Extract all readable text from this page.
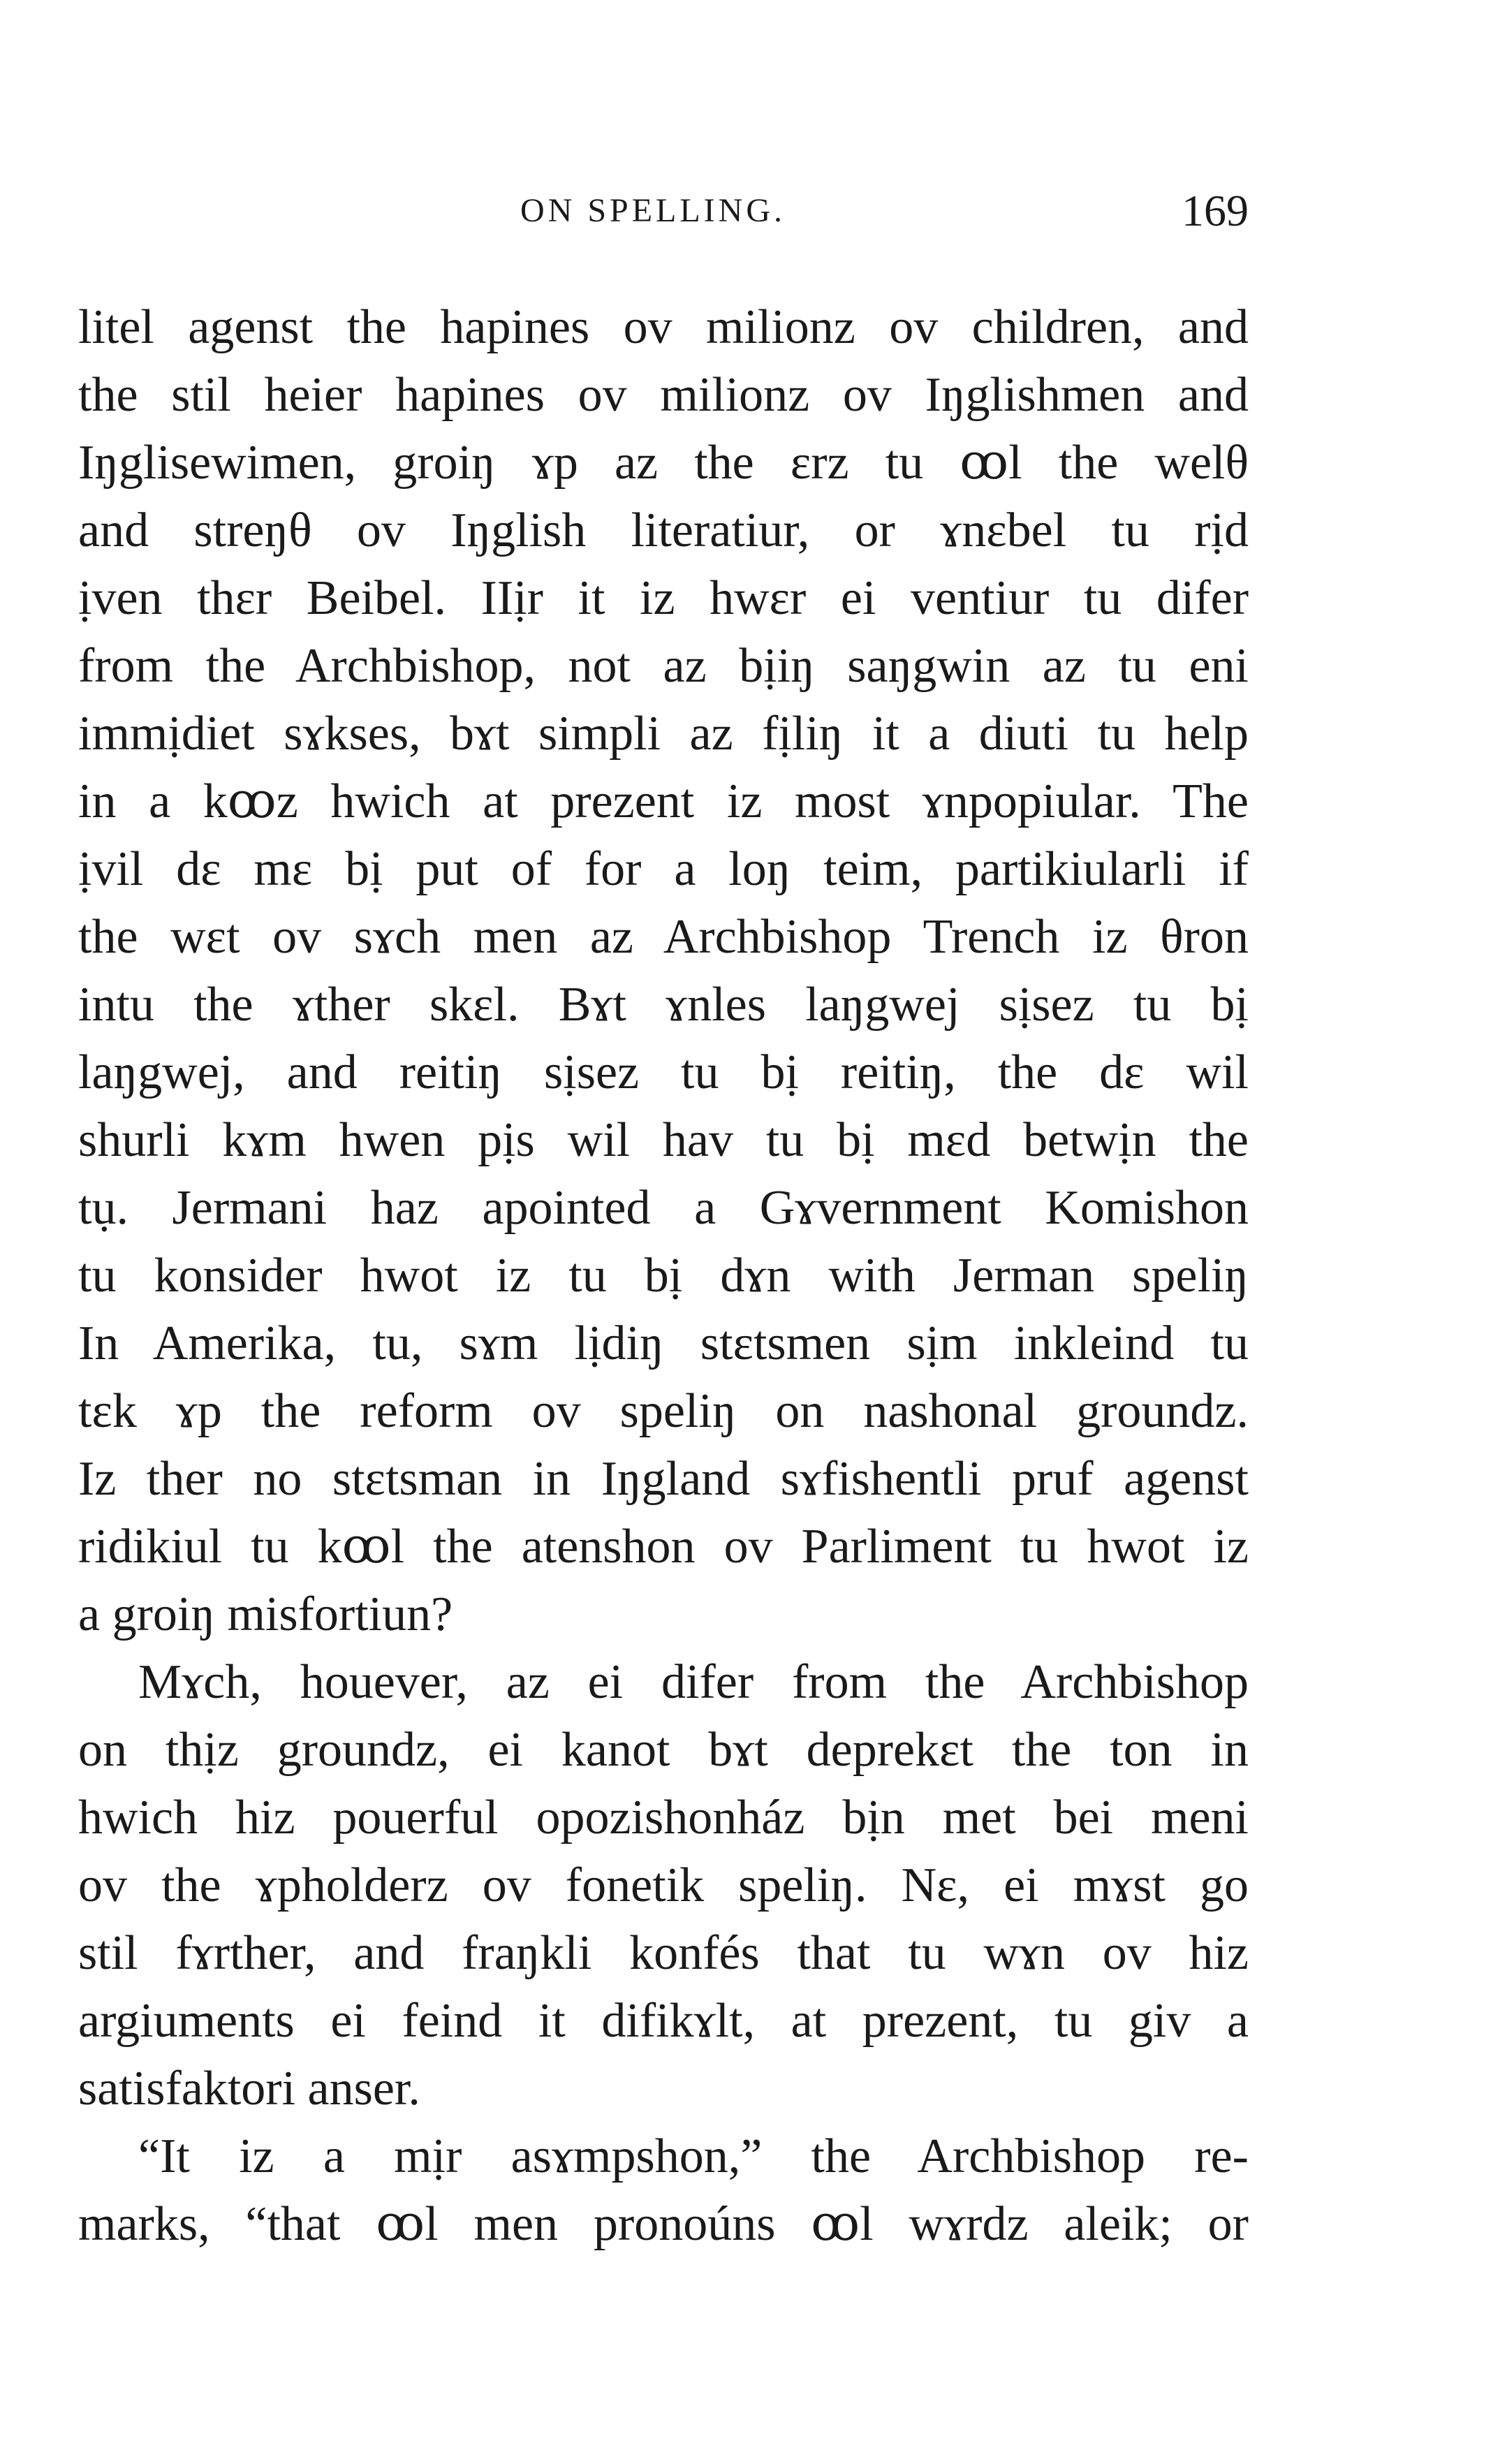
ON SPELLING.	169
litel agenst the hapines ov milionz ov children, and
the stil heier hapines ov milionz ov Iŋglishmen and
Iŋglisewimen, groiŋ ɤp az the ɛrz tu ꝏl the welθ
and streŋθ ov Iŋglish literatiur, or ɤnɛbel tu rịd
ịven thɛr Beibel. IIịr it iz hwɛr ei ventiur tu difer
from the Archbishop, not az bịiŋ saŋgwin az tu eni
immịdiet sɤkses, bɤt simpli az fịliŋ it a diuti tu help
in a kꝏz hwich at prezent iz most ɤnpopiular. The
ịvil dɛ mɛ bị put of for a loŋ teim, partikiularli if
the wɛt ov sɤch men az Archbishop Trench iz θron
intu the ɤther skɛl. Bɤt ɤnles laŋgwej sịsez tu bị
laŋgwej, and reitiŋ sịsez tu bị reitiŋ, the dɛ wil
shurli kɤm hwen pịs wil hav tu bị mɛd betwịn the
tụ. Jermani haz apointed a Gɤvernment Komishon
tu konsider hwot iz tu bị dɤn with Jerman speliŋ
In Amerika, tu, sɤm lịdiŋ stɛtsmen sịm inkleind tu
tɛk ɤp the reform ov speliŋ on nashonal groundz.
Iz ther no stɛtsman in Iŋgland sɤfishentli pruf agenst
ridikiul tu kꝏl the atenshon ov Parliment tu hwot iz
a groiŋ misfortiun?
Mɤch, houever, az ei difer from the Archbishop
on thịz groundz, ei kanot bɤt deprekɛt the ton in
hwich hiz pouerful opozishonház bịn met bei meni
ov the ɤpholderz ov fonetik speliŋ. Nɛ, ei mɤst go
stil fɤrther, and fraŋkli konfés that tu wɤn ov hiz
argiuments ei feind it difikɤlt, at prezent, tu giv a
satisfaktori anser.
“It iz a mịr asɤmpshon,” the Archbishop re-
marks, “that ꝏl men pronoúns ꝏl wɤrdz aleik; or
